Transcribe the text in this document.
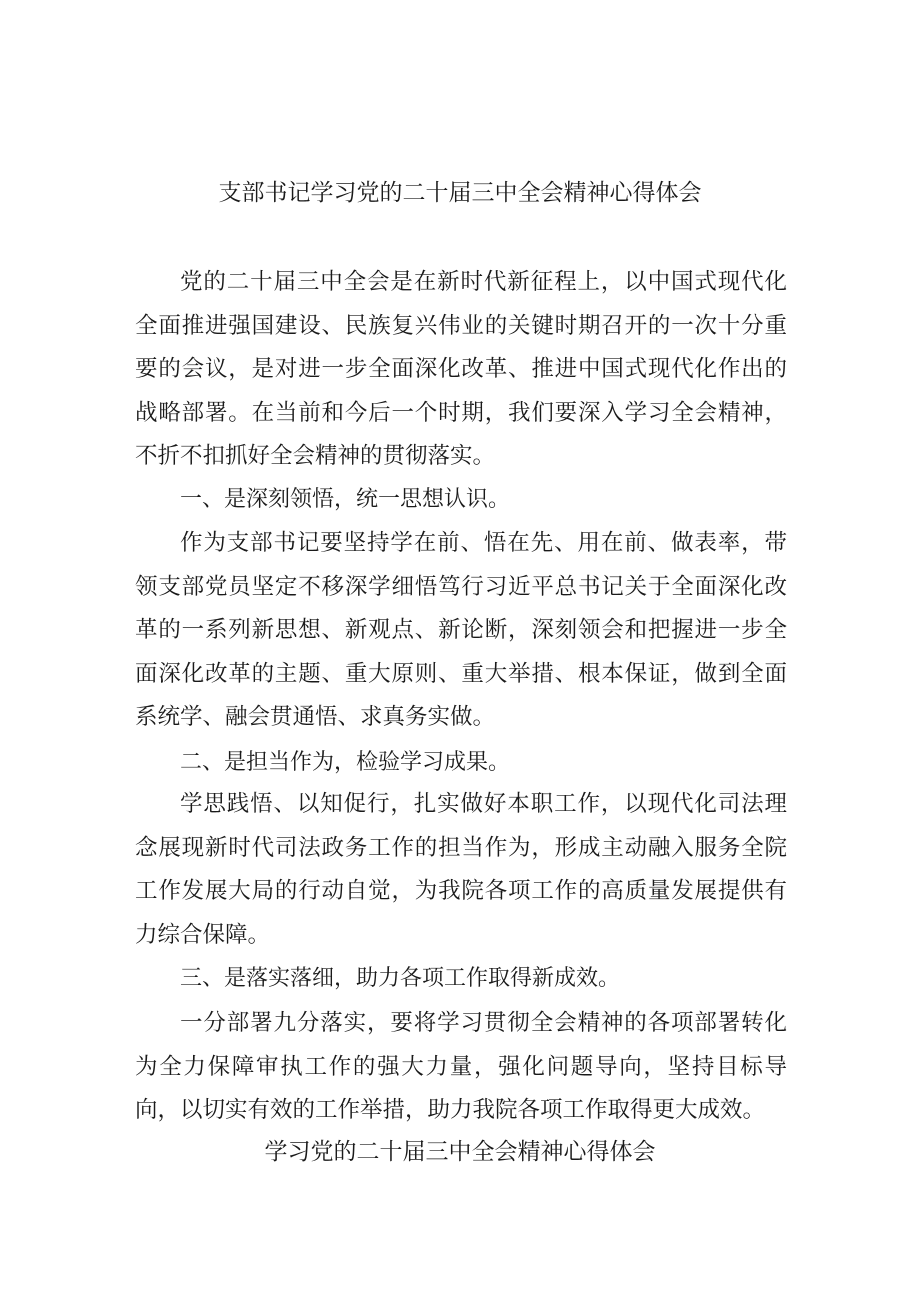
支部书记学习党的二十届三中全会精神心得体会

党的二十届三中全会是在新时代新征程上，以中国式现代化全面推进强国建设、民族复兴伟业的关键时期召开的一次十分重要的会议，是对进一步全面深化改革、推进中国式现代化作出的战略部署。在当前和今后一个时期，我们要深入学习全会精神，不折不扣抓好全会精神的贯彻落实。

一、是深刻领悟，统一思想认识。

作为支部书记要坚持学在前、悟在先、用在前、做表率，带领支部党员坚定不移深学细悟笃行习近平总书记关于全面深化改革的一系列新思想、新观点、新论断，深刻领会和把握进一步全面深化改革的主题、重大原则、重大举措、根本保证，做到全面系统学、融会贯通悟、求真务实做。

二、是担当作为，检验学习成果。

学思践悟、以知促行，扎实做好本职工作，以现代化司法理念展现新时代司法政务工作的担当作为，形成主动融入服务全院工作发展大局的行动自觉，为我院各项工作的高质量发展提供有力综合保障。

三、是落实落细，助力各项工作取得新成效。

一分部署九分落实，要将学习贯彻全会精神的各项部署转化为全力保障审执工作的强大力量，强化问题导向，坚持目标导向，以切实有效的工作举措，助力我院各项工作取得更大成效。

学习党的二十届三中全会精神心得体会
